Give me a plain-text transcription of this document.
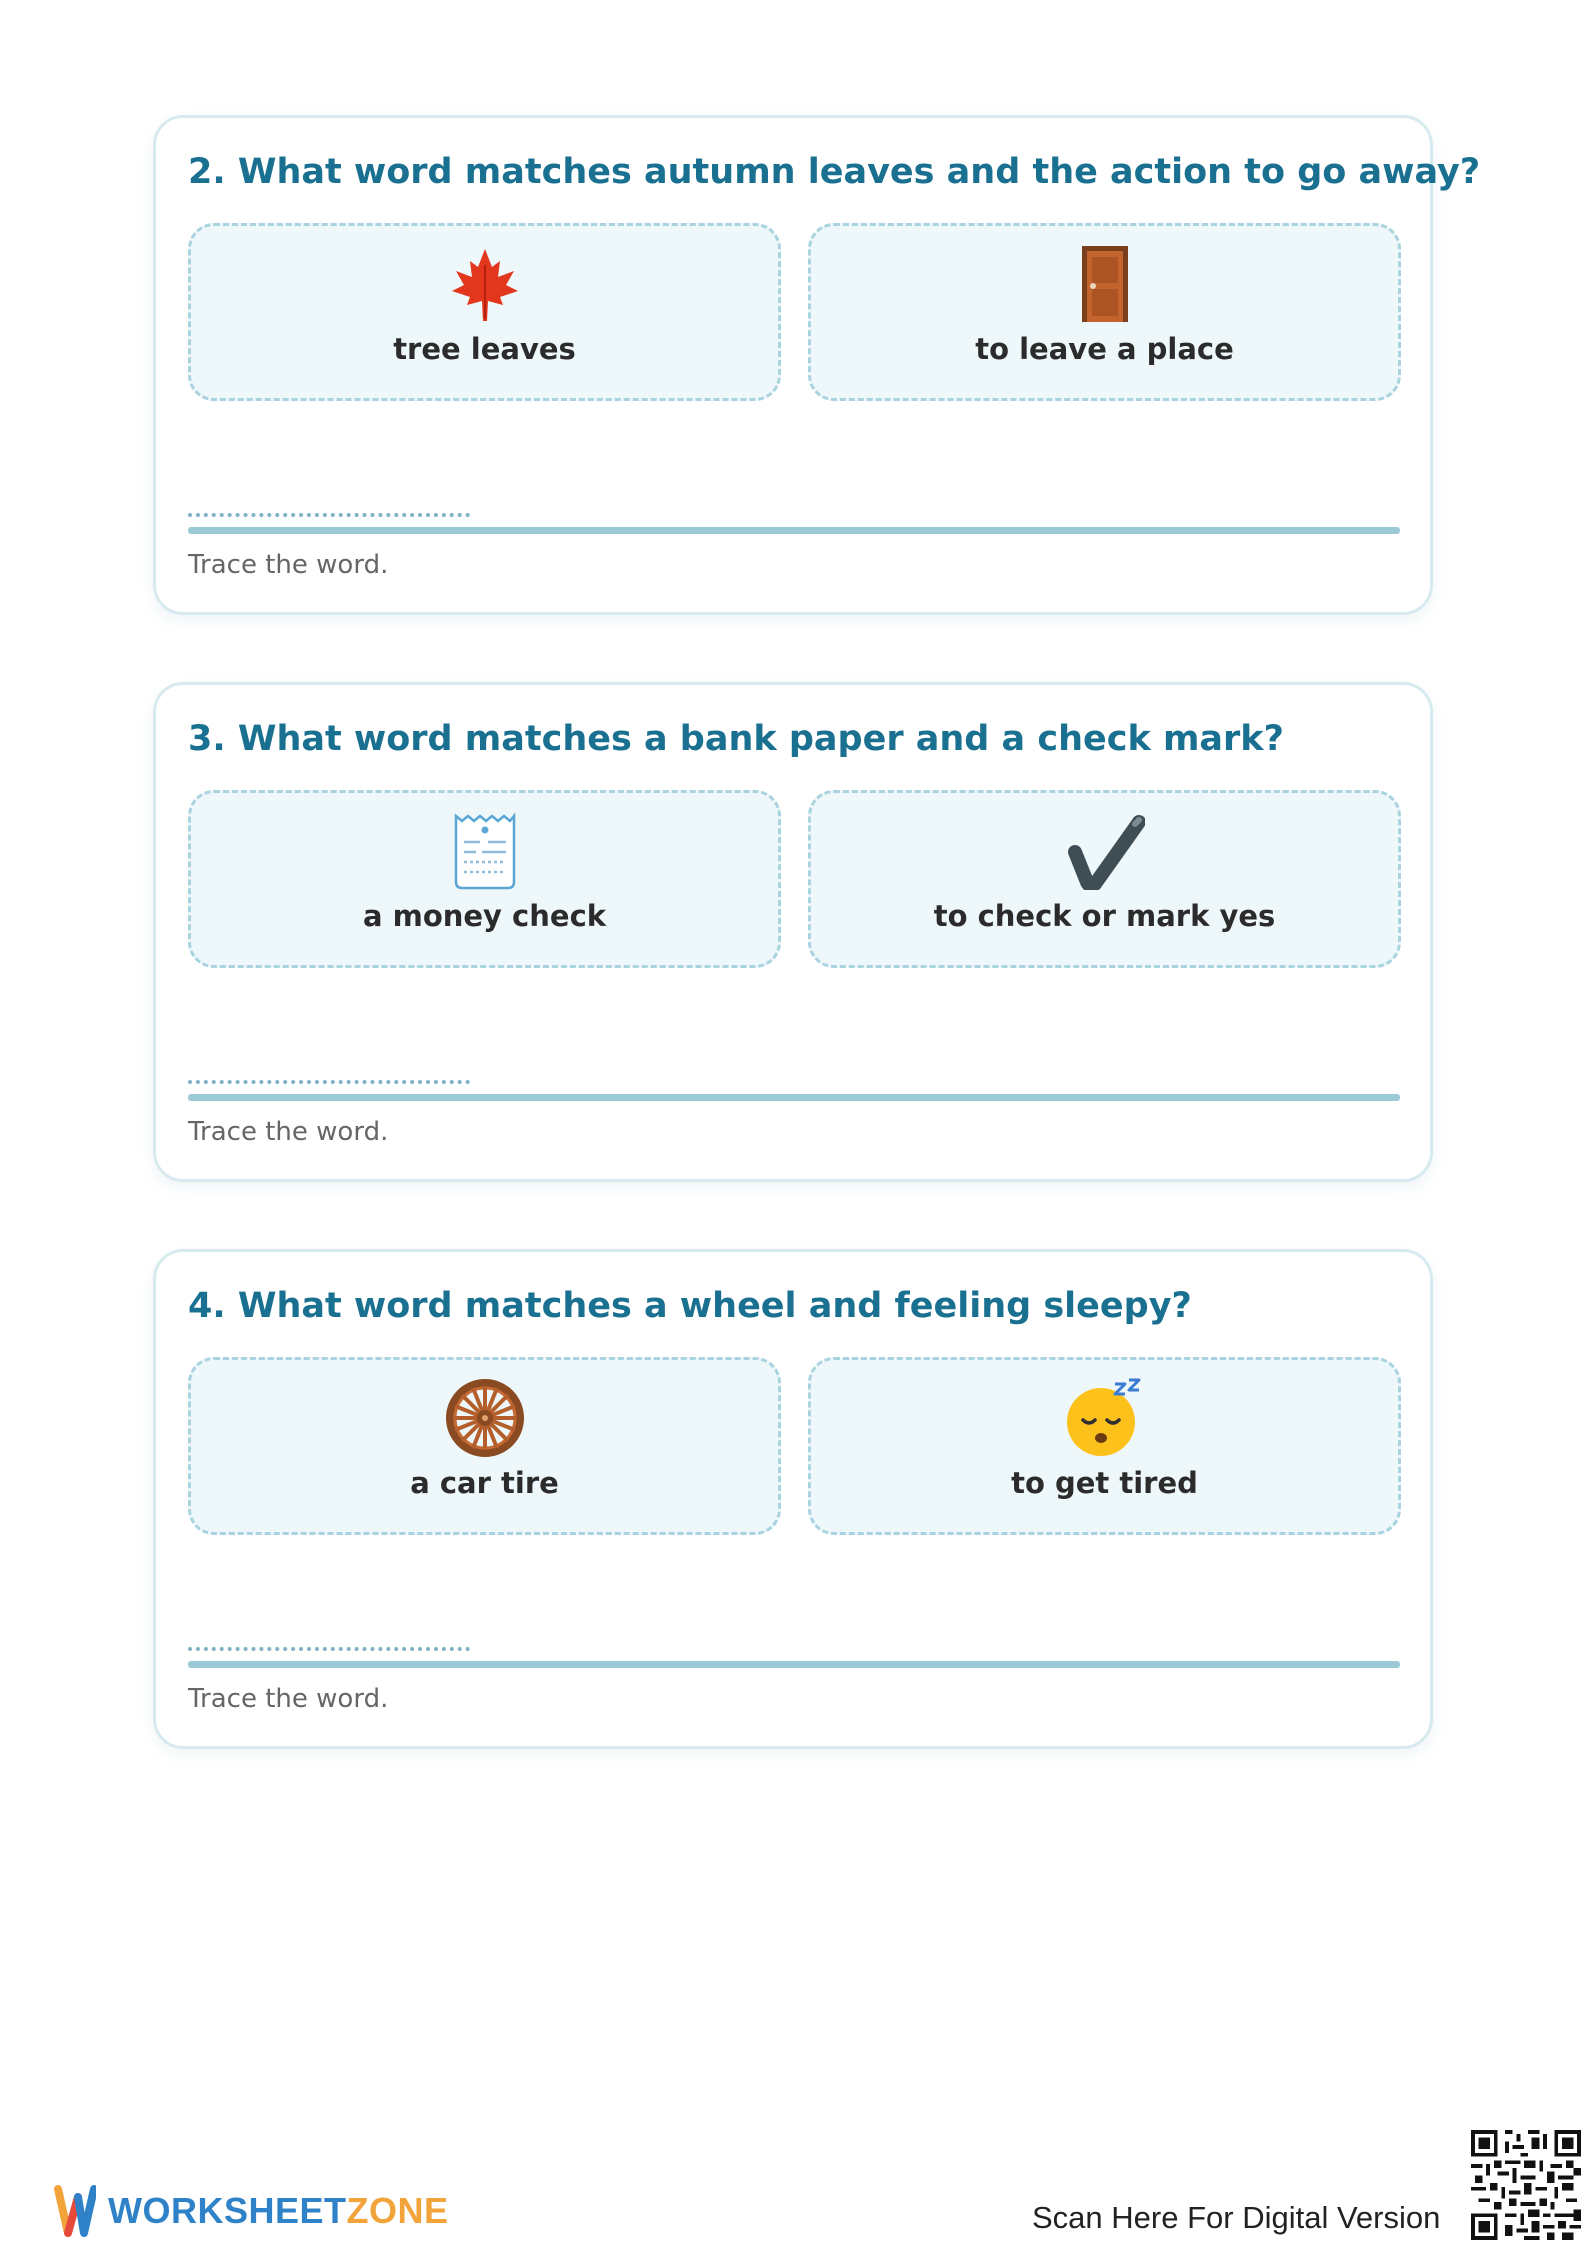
2. What word matches autumn leaves and the action to go away?
tree leaves	to leave a place
Trace the word.
3. What word matches a bank paper and a check mark?
a money check	to check or mark yes
Trace the word.
4. What word matches a wheel and feeling sleepy?
a car tire	to get tired
Trace the word.
WORKSHEETZONE	Scan Here For Digital Version
